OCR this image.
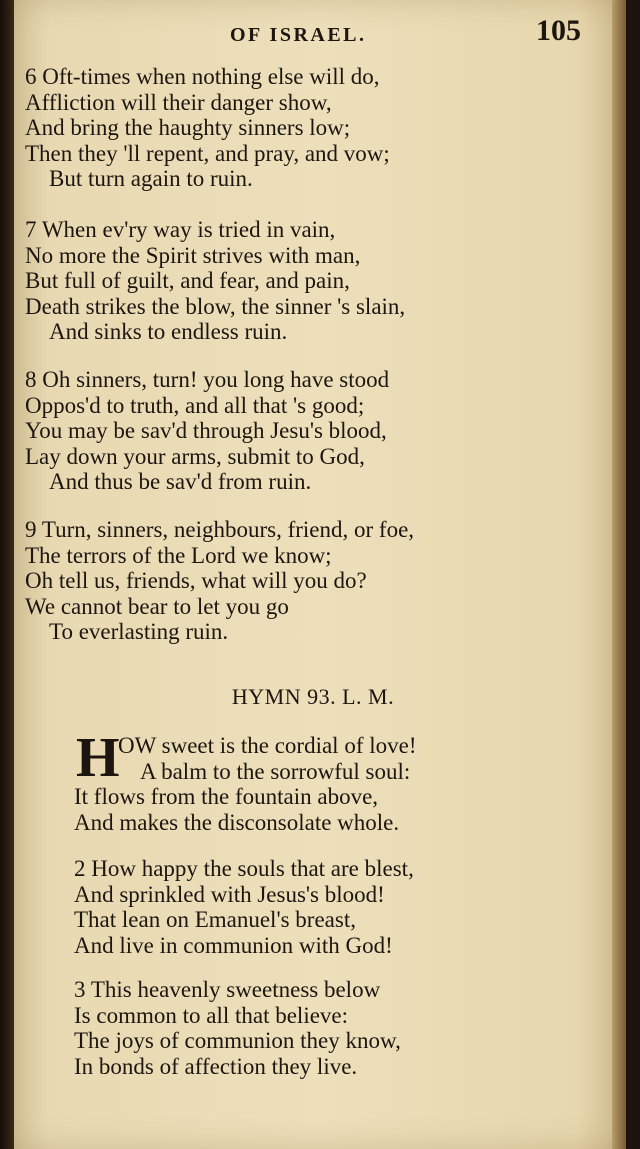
OF ISRAEL.	105
6 Oft-times when nothing else will do,
Affliction will their danger show,
And bring the haughty sinners low;
Then they 'll repent, and pray, and vow;
But turn again to ruin.
7 When ev'ry way is tried in vain,
No more the Spirit strives with man,
But full of guilt, and fear, and pain,
Death strikes the blow, the sinner 's slain,
And sinks to endless ruin.
8 Oh sinners, turn! you long have stood
Oppos'd to truth, and all that 's good;
You may be sav'd through Jesu's blood,
Lay down your arms, submit to God,
And thus be sav'd from ruin.
9 Turn, sinners, neighbours, friend, or foe,
The terrors of the Lord we know;
Oh tell us, friends, what will you do?
We cannot bear to let you go
To everlasting ruin.
HYMN 93. L. M.
H
OW sweet is the cordial of love!
A balm to the sorrowful soul:
It flows from the fountain above,
And makes the disconsolate whole.
2 How happy the souls that are blest,
And sprinkled with Jesus's blood!
That lean on Emanuel's breast,
And live in communion with God!
3 This heavenly sweetness below
Is common to all that believe:
The joys of communion they know,
In bonds of affection they live.
